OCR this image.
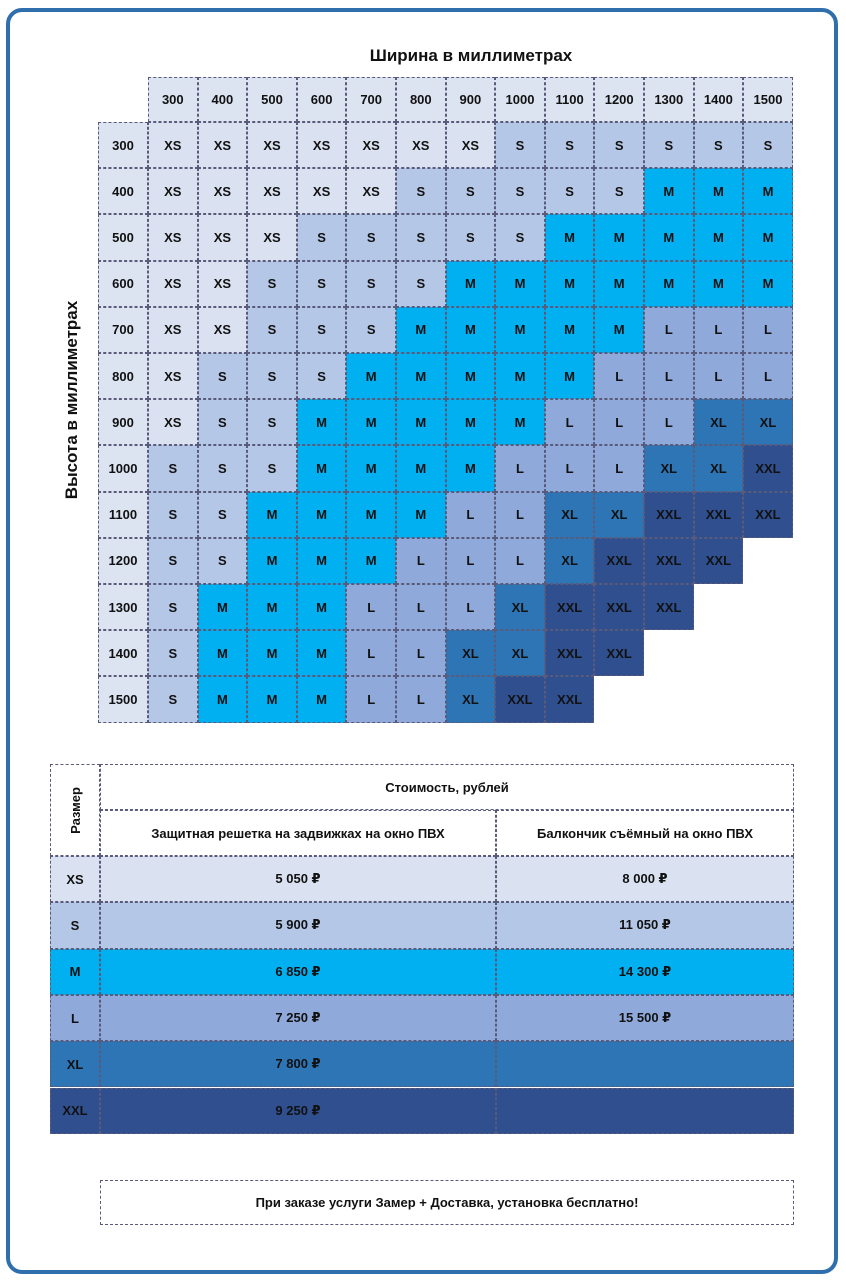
Ширина в миллиметрах
Высота в миллиметрах
300	400	500	600	700	800	900	1000	1100	1200	1300	1400	1500
300	XS	XS	XS	XS	XS	XS	XS	S	S	S	S	S	S
400	XS	XS	XS	XS	XS	S	S	S	S	S	M	M	M
500	XS	XS	XS	S	S	S	S	S	M	M	M	M	M
600	XS	XS	S	S	S	S	M	M	M	M	M	M	M
700	XS	XS	S	S	S	M	M	M	M	M	L	L	L
800	XS	S	S	S	M	M	M	M	M	L	L	L	L
900	XS	S	S	M	M	M	M	M	L	L	L	XL	XL
1000	S	S	S	M	M	M	M	L	L	L	XL	XL	XXL
1100	S	S	M	M	M	M	L	L	XL	XL	XXL	XXL	XXL
1200	S	S	M	M	M	L	L	L	XL	XXL	XXL	XXL
1300	S	M	M	M	L	L	L	XL	XXL	XXL	XXL
1400	S	M	M	M	L	L	XL	XL	XXL	XXL
1500	S	M	M	M	L	L	XL	XXL	XXL
Размер	Стоимость, рублей
Защитная решетка на задвижках на окно ПВХ	Балкончик съёмный на окно ПВХ
XS	5 050 ₽	8 000 ₽
S	5 900 ₽	11 050 ₽
M	6 850 ₽	14 300 ₽
L	7 250 ₽	15 500 ₽
XL	7 800 ₽
XXL	9 250 ₽
При заказе услуги Замер + Доставка, установка бесплатно!
